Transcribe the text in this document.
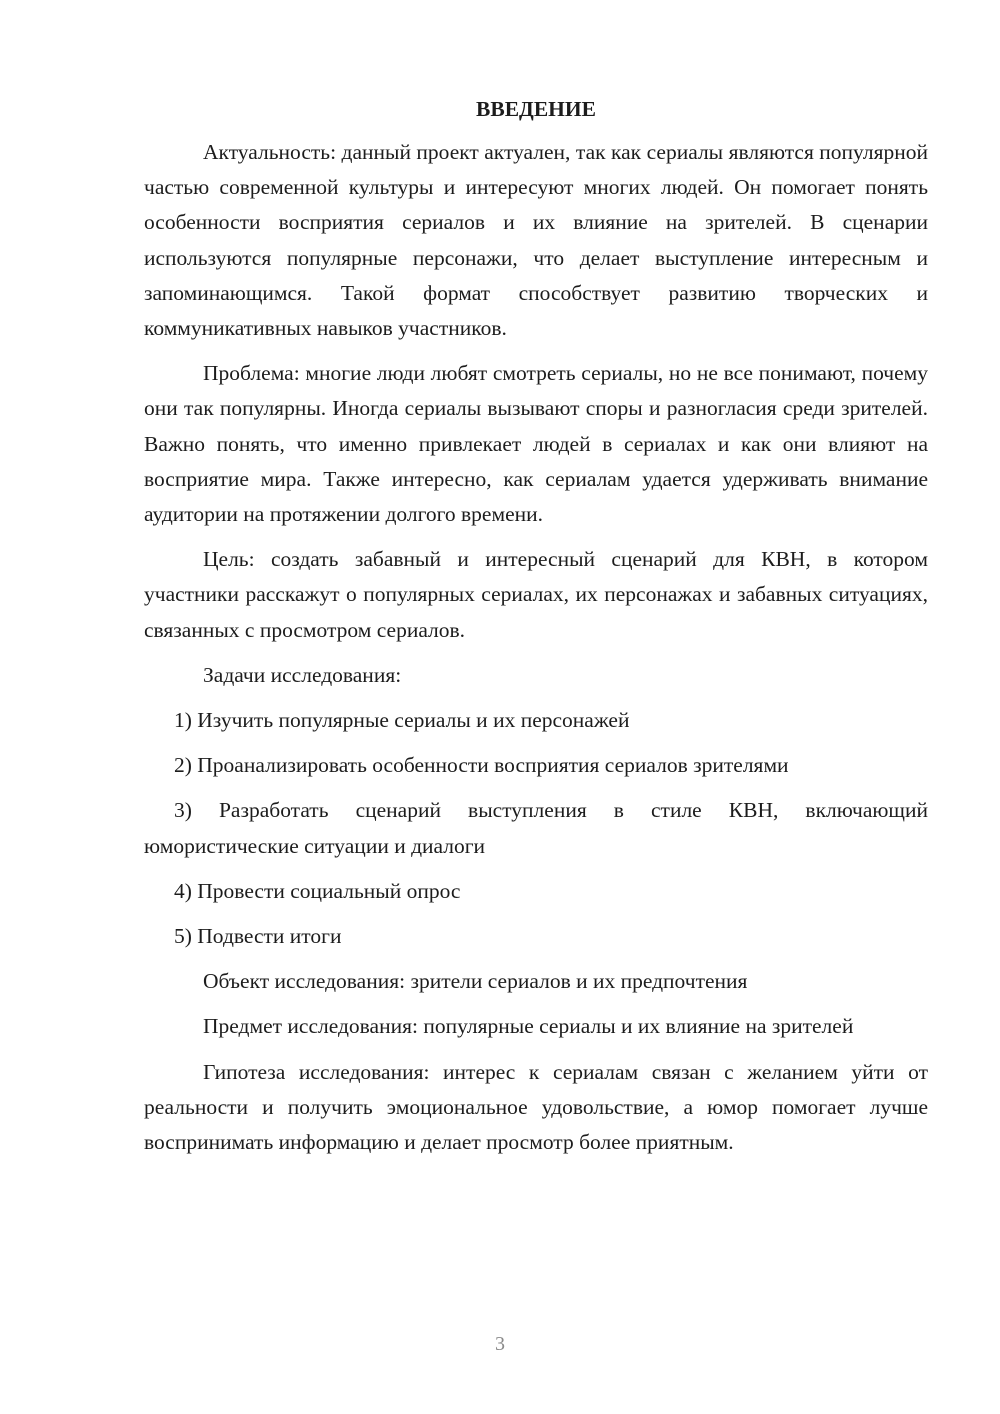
ВВЕДЕНИЕ

Актуальность: данный проект актуален, так как сериалы являются популярной частью современной культуры и интересуют многих людей. Он помогает понять особенности восприятия сериалов и их влияние на зрителей. В сценарии используются популярные персонажи, что делает выступление интересным и запоминающимся. Такой формат способствует развитию творческих и коммуникативных навыков участников.

Проблема: многие люди любят смотреть сериалы, но не все понимают, почему они так популярны. Иногда сериалы вызывают споры и разногласия среди зрителей. Важно понять, что именно привлекает людей в сериалах и как они влияют на восприятие мира. Также интересно, как сериалам удается удерживать внимание аудитории на протяжении долгого времени.

Цель: создать забавный и интересный сценарий для КВН, в котором участники расскажут о популярных сериалах, их персонажах и забавных ситуациях, связанных с просмотром сериалов.

Задачи исследования:

1) Изучить популярные сериалы и их персонажей

2) Проанализировать особенности восприятия сериалов зрителями

3) Разработать сценарий выступления в стиле КВН, включающий юмористические ситуации и диалоги

4) Провести социальный опрос

5) Подвести итоги

Объект исследования: зрители сериалов и их предпочтения

Предмет исследования: популярные сериалы и их влияние на зрителей

Гипотеза исследования: интерес к сериалам связан с желанием уйти от реальности и получить эмоциональное удовольствие, а юмор помогает лучше воспринимать информацию и делает просмотр более приятным.

3
